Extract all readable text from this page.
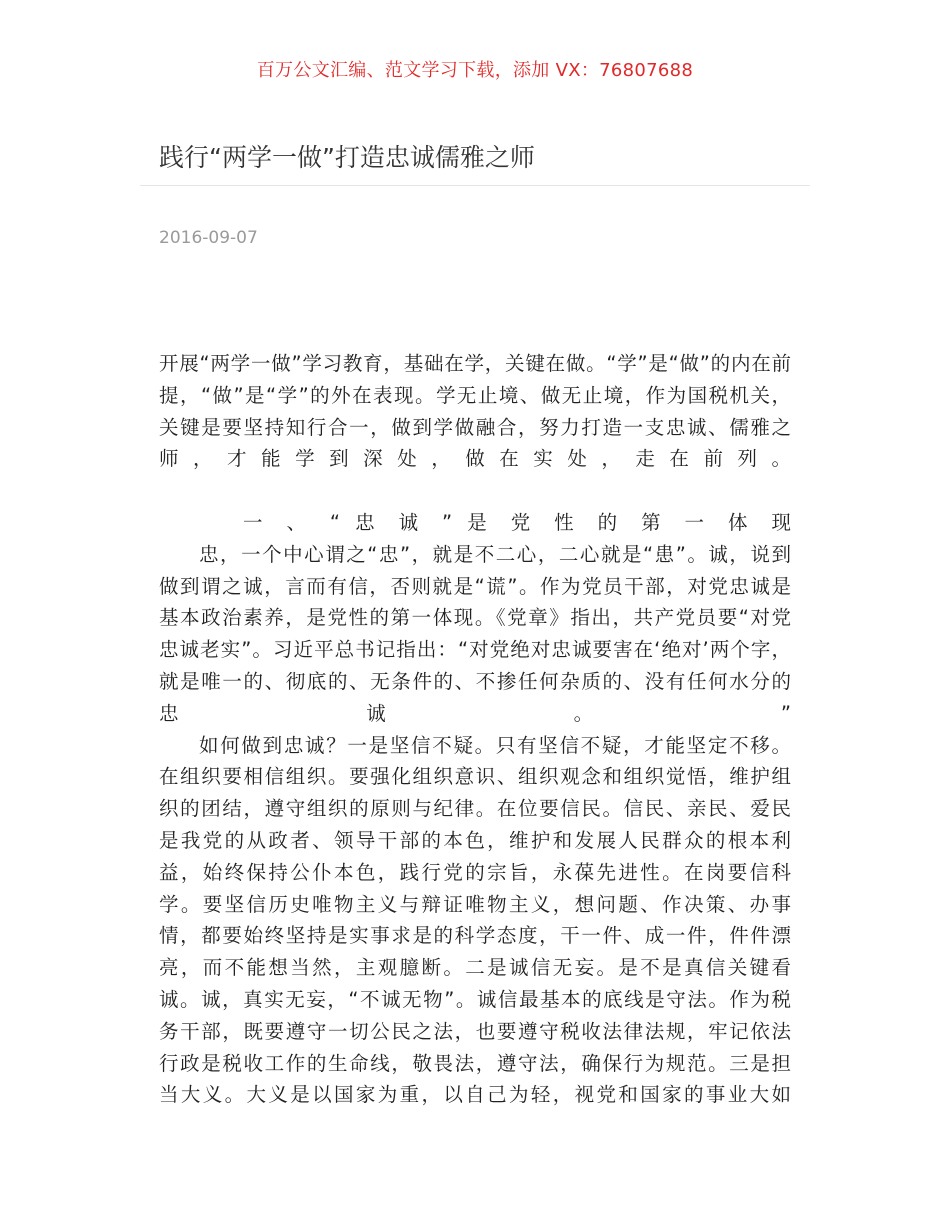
百万公文汇编、范文学习下载，添加 VX：76807688
践行“两学一做”打造忠诚儒雅之师
2016-09-07
开展“两学一做”学习教育，基础在学，关键在做。“学”是“做”的内在前
提，“做”是“学”的外在表现。学无止境、做无止境，作为国税机关，
关键是要坚持知行合一，做到学做融合，努力打造一支忠诚、儒雅之
师 ， 才 能 学 到 深 处 ， 做 在 实 处 ， 走 在 前 列 。
一 、 “ 忠 诚 ” 是 党 性 的 第 一 体 现
忠，一个中心谓之“忠”，就是不二心，二心就是“患”。诚，说到
做到谓之诚，言而有信，否则就是“谎”。作为党员干部，对党忠诚是
基本政治素养，是党性的第一体现。《党章》指出，共产党员要“对党
忠诚老实”。习近平总书记指出：“对党绝对忠诚要害在‘绝对’两个字，
就是唯一的、彻底的、无条件的、不掺任何杂质的、没有任何水分的
忠 诚 。 ”
如何做到忠诚？一是坚信不疑。只有坚信不疑，才能坚定不移。
在组织要相信组织。要强化组织意识、组织观念和组织觉悟，维护组
织的团结，遵守组织的原则与纪律。在位要信民。信民、亲民、爱民
是我党的从政者、领导干部的本色，维护和发展人民群众的根本利
益，始终保持公仆本色，践行党的宗旨，永葆先进性。在岗要信科
学。要坚信历史唯物主义与辩证唯物主义，想问题、作决策、办事
情，都要始终坚持是实事求是的科学态度，干一件、成一件，件件漂
亮，而不能想当然，主观臆断。二是诚信无妄。是不是真信关键看
诚。诚，真实无妄，“不诚无物”。诚信最基本的底线是守法。作为税
务干部，既要遵守一切公民之法，也要遵守税收法律法规，牢记依法
行政是税收工作的生命线，敬畏法，遵守法，确保行为规范。三是担
当大义。大义是以国家为重，以自己为轻，视党和国家的事业大如
